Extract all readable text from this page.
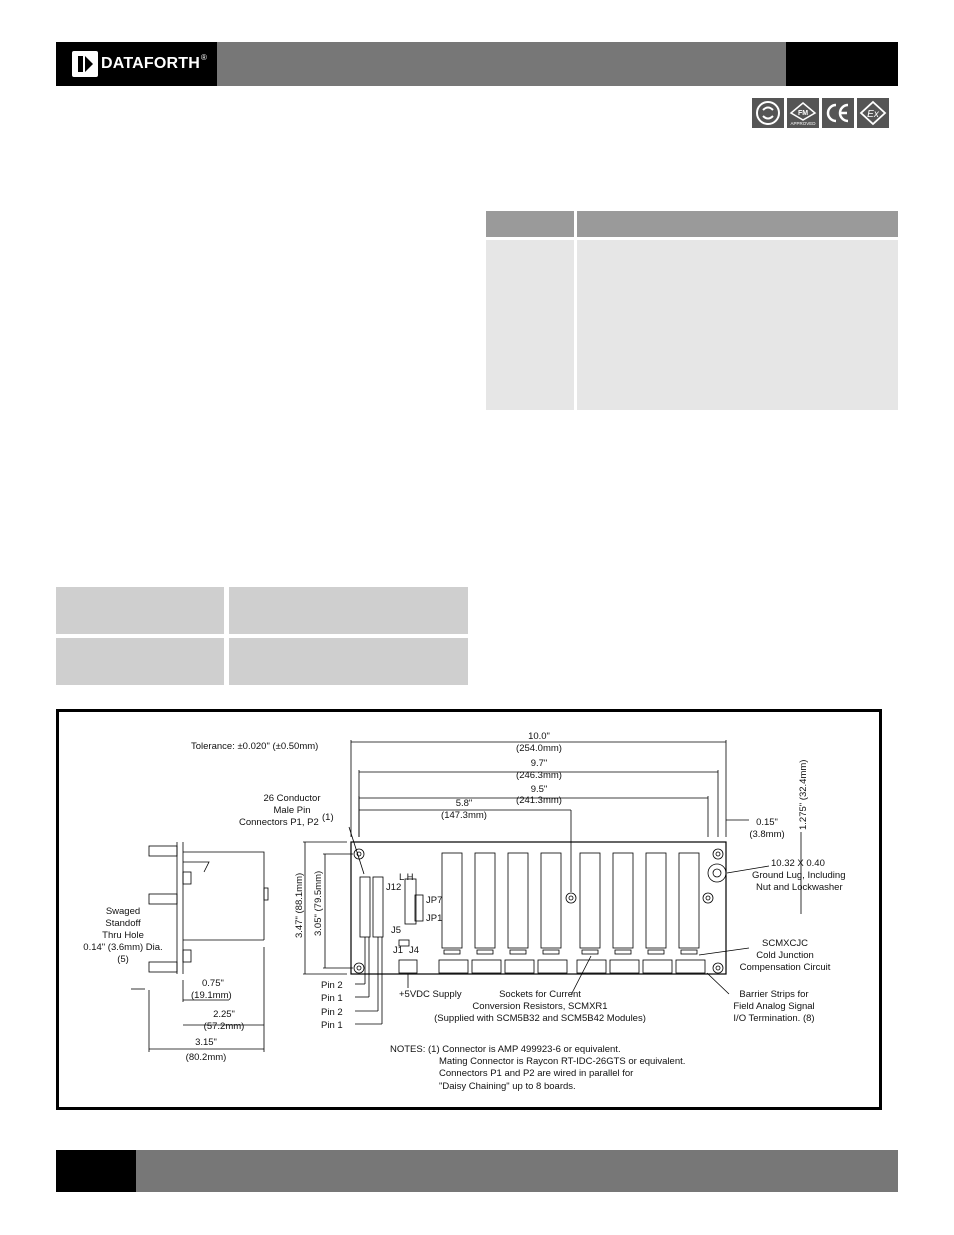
DATAFORTH ®
FM
APPROVED
Ex
Tolerance: ±0.020" (±0.50mm)
10.0"
(254.0mm)
9.7"
(246.3mm)
9.5"
(241.3mm)
5.8"
(147.3mm)
0.15"
(3.8mm)
1.275" (32.4mm)
3.47" (88.1mm) 3.05" (79.5mm)
26 Conductor
Male Pin
Connectors P1, P2 (1)
10.32 X 0.40
Ground Lug, Including
Nut and Lockwasher
SCMXCJC
Cold Junction
Compensation Circuit
Barrier Strips for
Field Analog Signal
I/O Termination. (8)
Sockets for Current
Conversion Resistors, SCMXR1
(Supplied with SCM5B32 and SCM5B42 Modules)
+5VDC Supply
Swaged
Standoff
Thru Hole
0.14" (3.6mm) Dia.
(5)
0.75"
(19.1mm)
2.25"
(57.2mm)
3.15"
(80.2mm)
Pin 2
Pin 1
Pin 2
Pin 1
J12
J5
J1 J4
JP7
JP1
L H
NOTES: (1) Connector is AMP 499923-6 or equivalent.
Mating Connector is Raycon RT-IDC-26GTS or equivalent.
Connectors P1 and P2 are wired in parallel for
"Daisy Chaining" up to 8 boards.
